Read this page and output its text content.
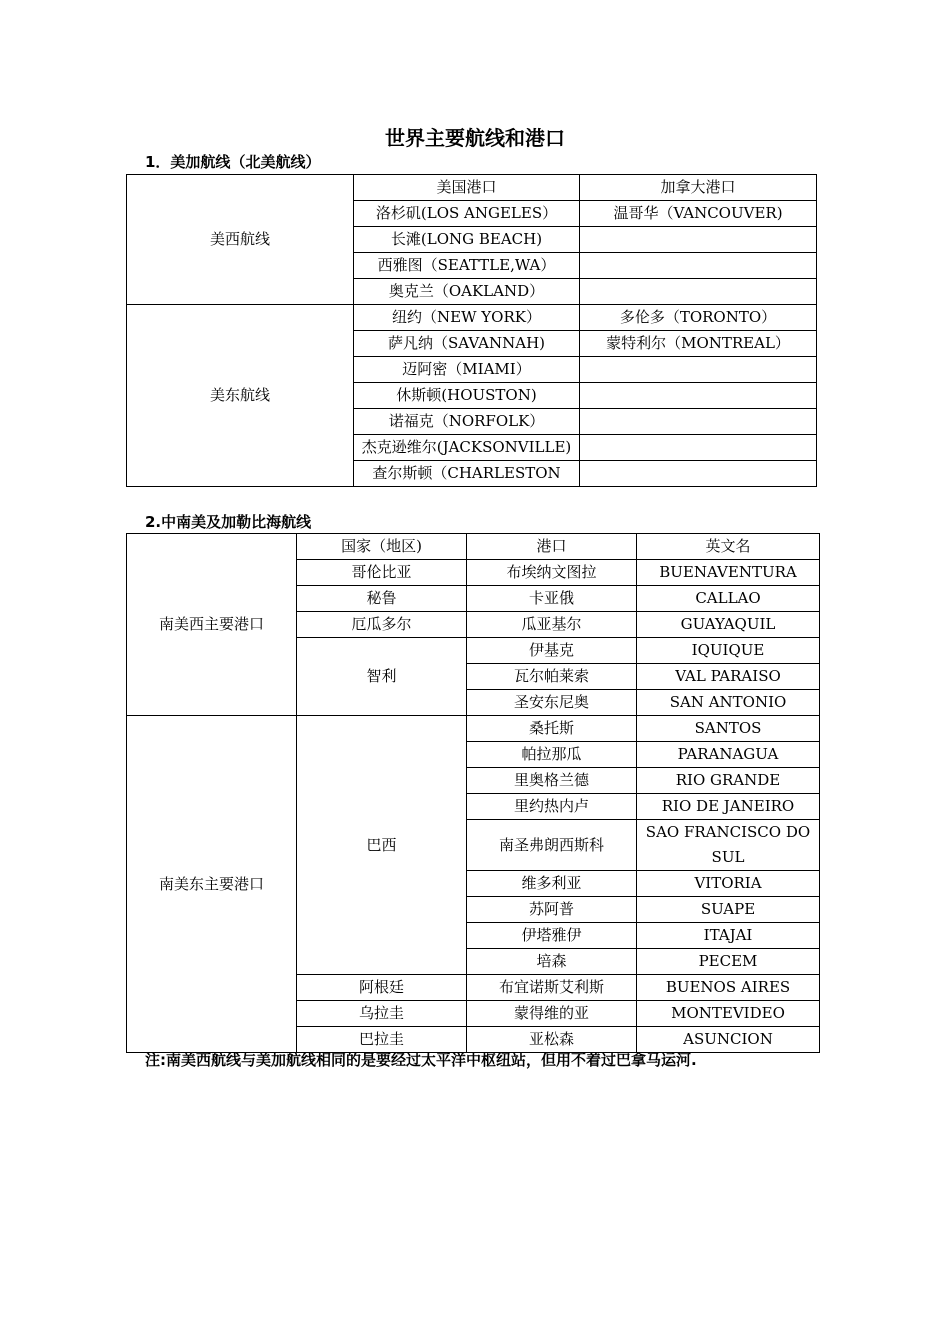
世界主要航线和港口
1．美加航线（北美航线）
美西航线	美国港口	加拿大港口
	洛杉矶(LOS ANGELES）	温哥华（VANCOUVER)
	长滩(LONG BEACH)	
	西雅图（SEATTLE,WA）	
	奥克兰（OAKLAND）	
美东航线	纽约（NEW YORK）	多伦多（TORONTO）
	萨凡纳（SAVANNAH)	蒙特利尔（MONTREAL）
	迈阿密（MIAMI）	
	休斯顿(HOUSTON)	
	诺福克（NORFOLK）	
	杰克逊维尔(JACKSONVILLE)	
	查尔斯顿（CHARLESTON	
2.中南美及加勒比海航线
南美西主要港口	国家（地区)	港口	英文名
	哥伦比亚	布埃纳文图拉	BUENAVENTURA
	秘鲁	卡亚俄	CALLAO
	厄瓜多尔	瓜亚基尔	GUAYAQUIL
	智利	伊基克	IQUIQUE
		瓦尔帕莱索	VAL PARAISO
		圣安东尼奥	SAN ANTONIO
南美东主要港口	巴西	桑托斯	SANTOS
		帕拉那瓜	PARANAGUA
		里奥格兰德	RIO GRANDE
		里约热内卢	RIO DE JANEIRO
		南圣弗朗西斯科	SAO FRANCISCO DO SUL
		维多利亚	VITORIA
		苏阿普	SUAPE
		伊塔雅伊	ITAJAI
		培森	PECEM
	阿根廷	布宜诺斯艾利斯	BUENOS AIRES
	乌拉圭	蒙得维的亚	MONTEVIDEO
	巴拉圭	亚松森	ASUNCION
注:南美西航线与美加航线相同的是要经过太平洋中枢纽站，但用不着过巴拿马运河.
